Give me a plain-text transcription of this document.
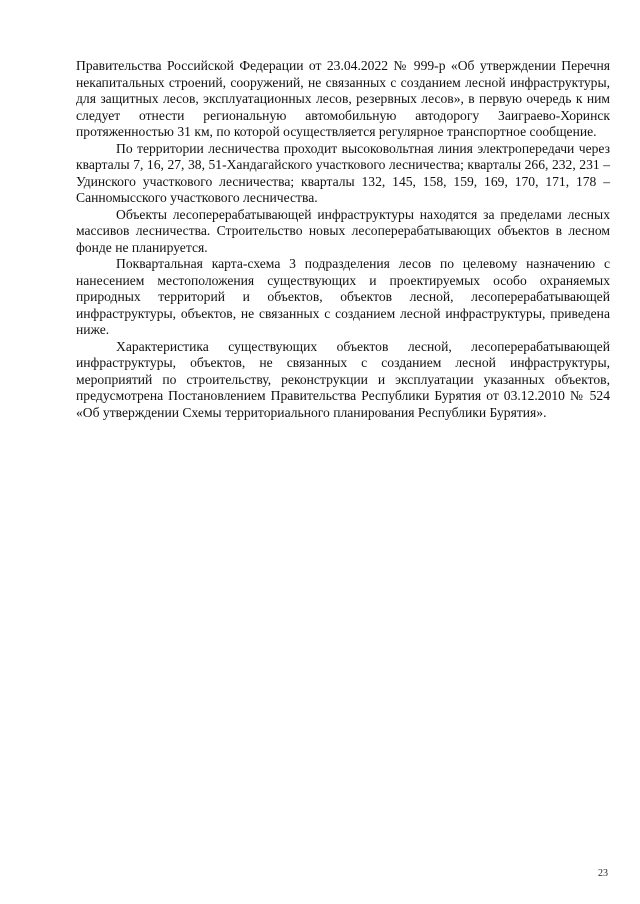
Правительства Российской Федерации от 23.04.2022 № 999-р «Об утверждении Перечня некапитальных строений, сооружений, не связанных с созданием лесной инфраструктуры, для защитных лесов, эксплуатационных лесов, резервных лесов», в первую очередь к ним следует отнести региональную автомобильную автодорогу Заиграево-Хоринск протяженностью 31 км, по которой осуществляется регулярное транспортное сообщение.

По территории лесничества проходит высоковольтная линия электропередачи через кварталы 7, 16, 27, 38, 51-Хандагайского участкового лесничества; кварталы 266, 232, 231 – Удинского участкового лесничества; кварталы 132, 145, 158, 159, 169, 170, 171, 178 – Санномысского участкового лесничества.

Объекты лесоперерабатывающей инфраструктуры находятся за пределами лесных массивов лесничества. Строительство новых лесоперерабатывающих объектов в лесном фонде не планируется.

Поквартальная карта-схема 3 подразделения лесов по целевому назначению с нанесением местоположения существующих и проектируемых особо охраняемых природных территорий и объектов, объектов лесной, лесоперерабатывающей инфраструктуры, объектов, не связанных с созданием лесной инфраструктуры, приведена ниже.

Характеристика существующих объектов лесной, лесоперерабатывающей инфраструктуры, объектов, не связанных с созданием лесной инфраструктуры, мероприятий по строительству, реконструкции и эксплуатации указанных объектов, предусмотрена Постановлением Правительства Республики Бурятия от 03.12.2010 № 524 «Об утверждении Схемы территориального планирования Республики Бурятия».

23
